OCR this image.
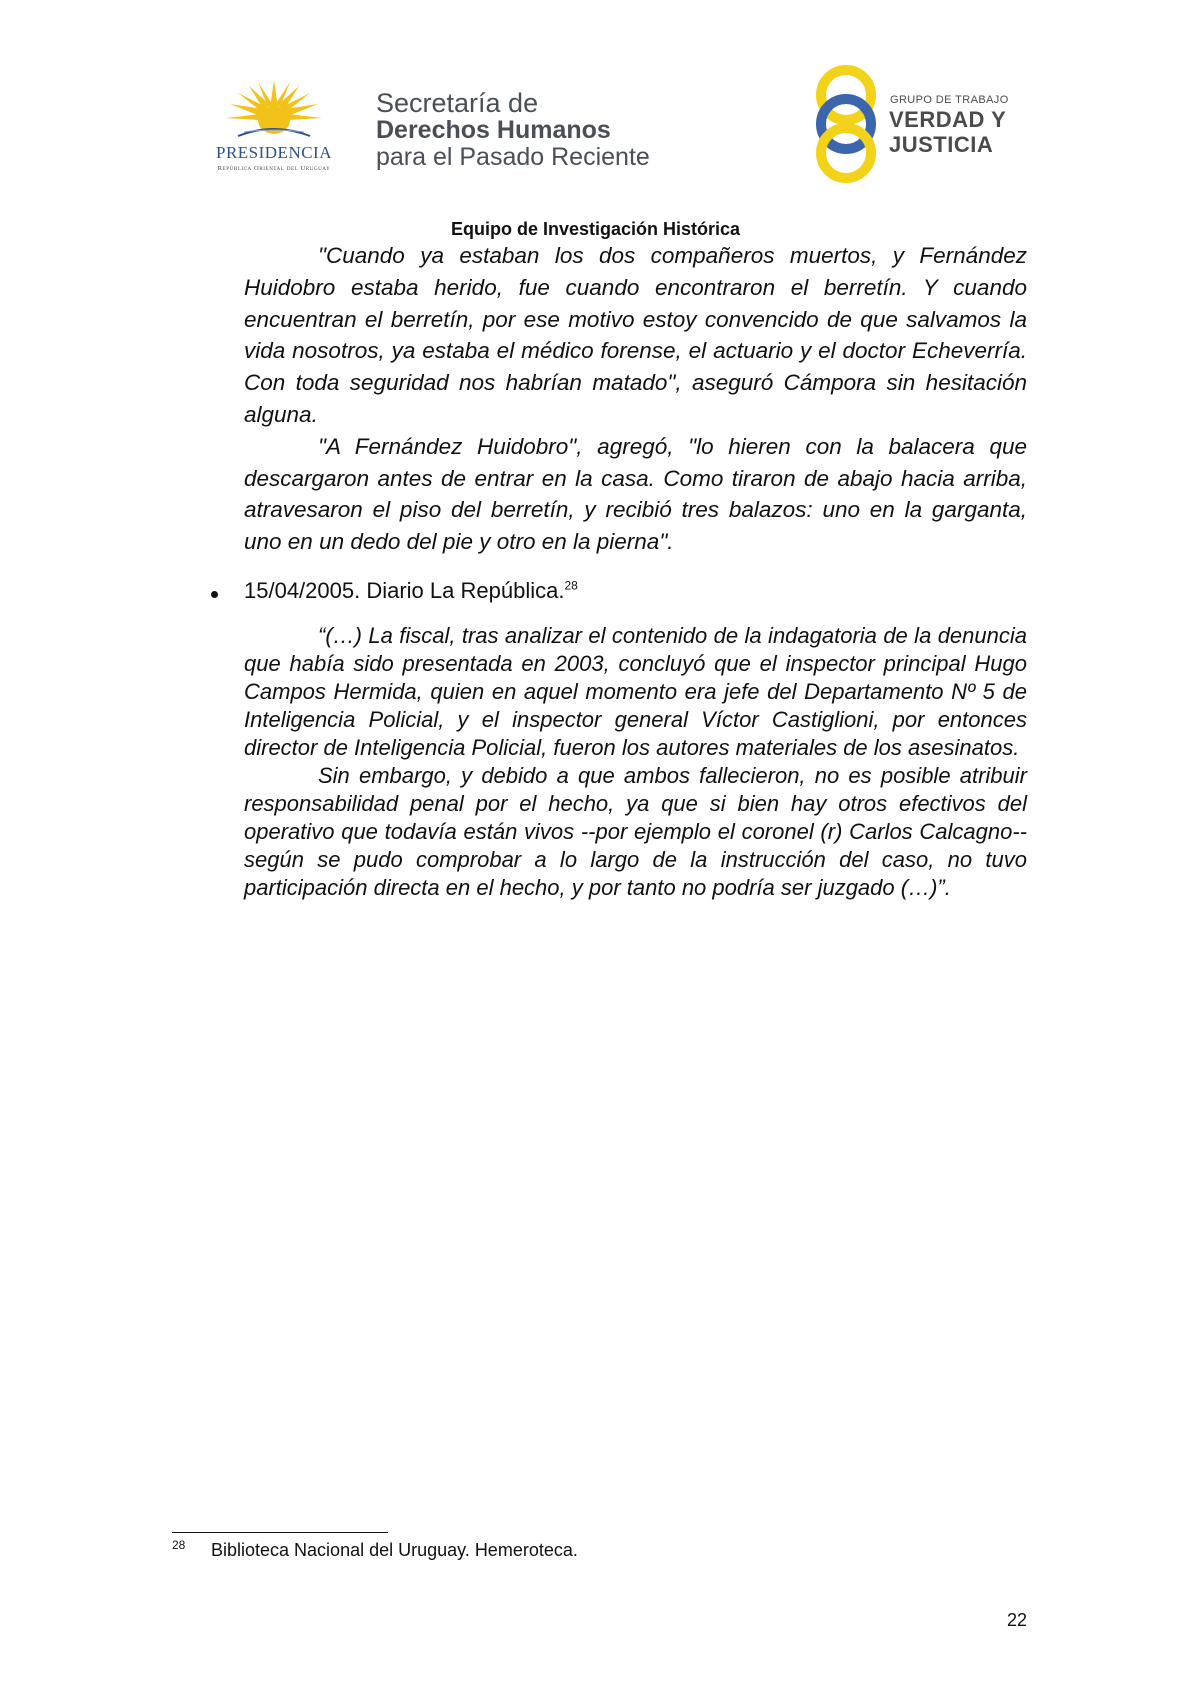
PRESIDENCIA
República Oriental del Uruguay
Secretaría de
Derechos Humanos
para el Pasado Reciente
GRUPO DE TRABAJO
VERDAD Y
JUSTICIA
Equipo de Investigación Histórica

"Cuando ya estaban los dos compañeros muertos, y Fernández Huidobro estaba herido, fue cuando encontraron el berretín. Y cuando encuentran el berretín, por ese motivo estoy convencido de que salvamos la vida nosotros, ya estaba el médico forense, el actuario y el doctor Echeverría. Con toda seguridad nos habrían matado", aseguró Cámpora sin hesitación alguna.

"A Fernández Huidobro", agregó, "lo hieren con la balacera que descargaron antes de entrar en la casa. Como tiraron de abajo hacia arriba, atravesaron el piso del berretín, y recibió tres balazos: uno en la garganta, uno en un dedo del pie y otro en la pierna".

15/04/2005. Diario La República.$^{28}$

“(…) La fiscal, tras analizar el contenido de la indagatoria de la denuncia que había sido presentada en 2003, concluyó que el inspector principal Hugo Campos Hermida, quien en aquel momento era jefe del Departamento Nº 5 de Inteligencia Policial, y el inspector general Víctor Castiglioni, por entonces director de Inteligencia Policial, fueron los autores materiales de los asesinatos.

Sin embargo, y debido a que ambos fallecieron, no es posible atribuir responsabilidad penal por el hecho, ya que si bien hay otros efectivos del operativo que todavía están vivos --por ejemplo el coronel (r) Carlos Calcagno-- según se pudo comprobar a lo largo de la instrucción del caso, no tuvo participación directa en el hecho, y por tanto no podría ser juzgado (…)”.

28 Biblioteca Nacional del Uruguay. Hemeroteca.
22
